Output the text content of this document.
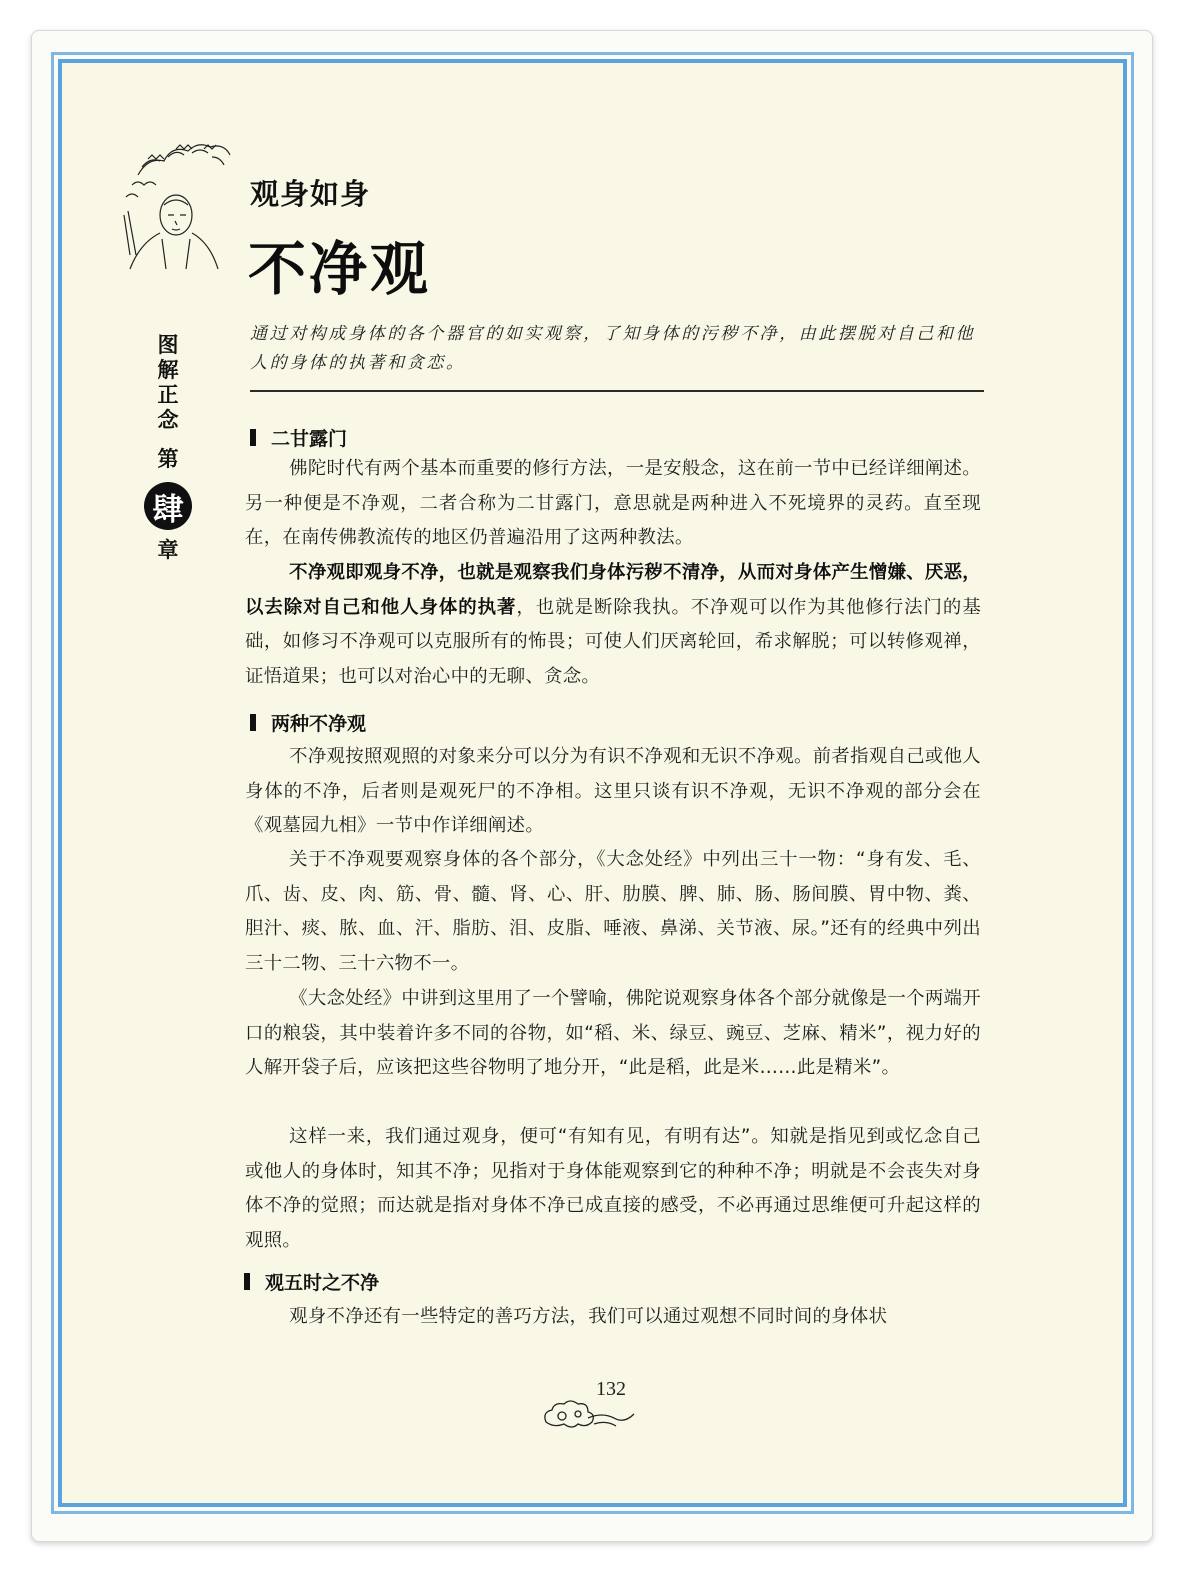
观身如身
不净观
图
解
正
念
第
肆
章
通过对构成身体的各个器官的如实观察，了知身体的污秽不净，由此摆脱对自己和他人的身体的执著和贪恋。
二甘露门

佛陀时代有两个基本而重要的修行方法，一是安般念，这在前一节中已经详细阐述。另一种便是不净观，二者合称为二甘露门，意思就是两种进入不死境界的灵药。直至现在，在南传佛教流传的地区仍普遍沿用了这两种教法。

不净观即观身不净，也就是观察我们身体污秽不清净，从而对身体产生憎嫌、厌恶，以去除对自己和他人身体的执著，也就是断除我执。不净观可以作为其他修行法门的基础，如修习不净观可以克服所有的怖畏；可使人们厌离轮回，希求解脱；可以转修观禅，证悟道果；也可以对治心中的无聊、贪念。

两种不净观

不净观按照观照的对象来分可以分为有识不净观和无识不净观。前者指观自己或他人身体的不净，后者则是观死尸的不净相。这里只谈有识不净观，无识不净观的部分会在《观墓园九相》一节中作详细阐述。

关于不净观要观察身体的各个部分，《大念处经》中列出三十一物：“身有发、毛、爪、齿、皮、肉、筋、骨、髓、肾、心、肝、肋膜、脾、肺、肠、肠间膜、胃中物、粪、胆汁、痰、脓、血、汗、脂肪、泪、皮脂、唾液、鼻涕、关节液、尿。”还有的经典中列出三十二物、三十六物不一。

《大念处经》中讲到这里用了一个譬喻，佛陀说观察身体各个部分就像是一个两端开口的粮袋，其中装着许多不同的谷物，如“稻、米、绿豆、豌豆、芝麻、精米”，视力好的人解开袋子后，应该把这些谷物明了地分开，“此是稻，此是米……此是精米”。

这样一来，我们通过观身，便可“有知有见，有明有达”。知就是指见到或忆念自己或他人的身体时，知其不净；见指对于身体能观察到它的种种不净；明就是不会丧失对身体不净的觉照；而达就是指对身体不净已成直接的感受，不必再通过思维便可升起这样的观照。

观五时之不净

观身不净还有一些特定的善巧方法，我们可以通过观想不同时间的身体状

132
